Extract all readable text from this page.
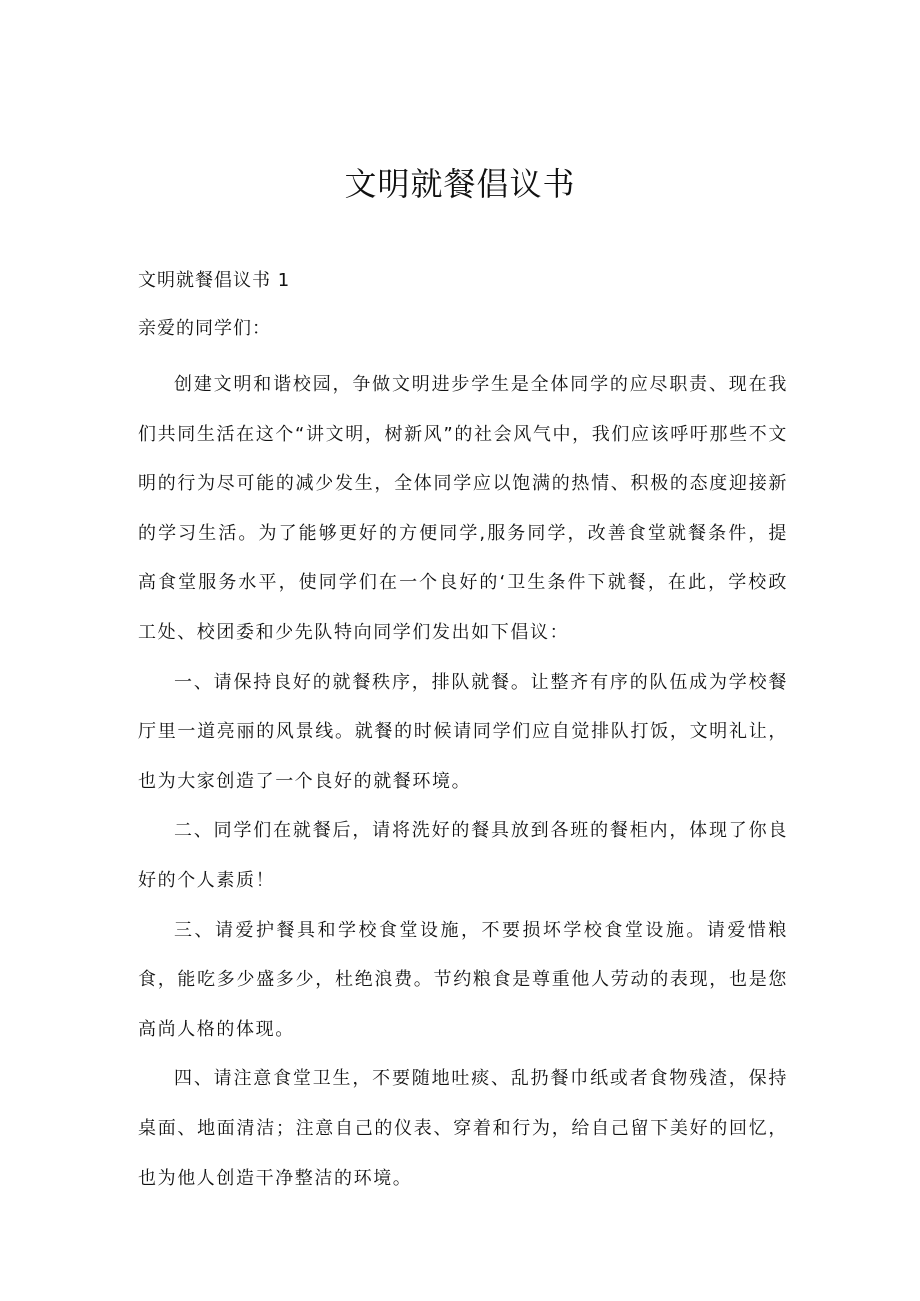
文明就餐倡议书

文明就餐倡议书 1

亲爱的同学们：

创建文明和谐校园，争做文明进步学生是全体同学的应尽职责、现在我们共同生活在这个“讲文明，树新风”的社会风气中，我们应该呼吁那些不文明的行为尽可能的减少发生，全体同学应以饱满的热情、积极的态度迎接新的学习生活。为了能够更好的方便同学,服务同学，改善食堂就餐条件，提高食堂服务水平，使同学们在一个良好的‘卫生条件下就餐，在此，学校政工处、校团委和少先队特向同学们发出如下倡议：

一、请保持良好的就餐秩序，排队就餐。让整齐有序的队伍成为学校餐厅里一道亮丽的风景线。就餐的时候请同学们应自觉排队打饭，文明礼让，也为大家创造了一个良好的就餐环境。

二、同学们在就餐后，请将洗好的餐具放到各班的餐柜内，体现了你良好的个人素质！

三、请爱护餐具和学校食堂设施，不要损坏学校食堂设施。请爱惜粮食，能吃多少盛多少，杜绝浪费。节约粮食是尊重他人劳动的表现，也是您高尚人格的体现。

四、请注意食堂卫生，不要随地吐痰、乱扔餐巾纸或者食物残渣，保持桌面、地面清洁；注意自己的仪表、穿着和行为，给自己留下美好的回忆，也为他人创造干净整洁的环境。
